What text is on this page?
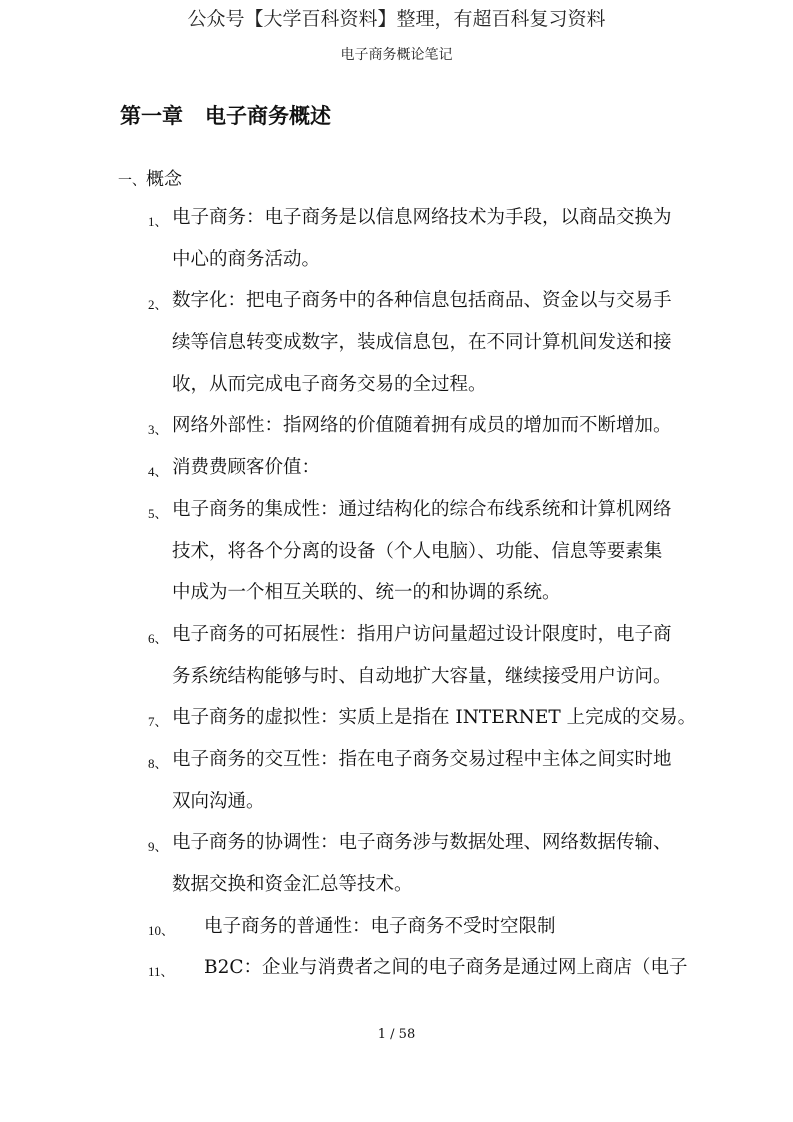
公众号【大学百科资料】整理，有超百科复习资料
电子商务概论笔记
第一章 电子商务概述
一、概念
1、 电子商务：电子商务是以信息网络技术为手段，以商品交换为
中心的商务活动。
2、 数字化：把电子商务中的各种信息包括商品、资金以与交易手
续等信息转变成数字，装成信息包，在不同计算机间发送和接
收，从而完成电子商务交易的全过程。
3、 网络外部性：指网络的价值随着拥有成员的增加而不断增加。
4、 消费费顾客价值：
5、 电子商务的集成性：通过结构化的综合布线系统和计算机网络
技术，将各个分离的设备（个人电脑）、功能、信息等要素集
中成为一个相互关联的、统一的和协调的系统。
6、 电子商务的可拓展性：指用户访问量超过设计限度时，电子商
务系统结构能够与时、自动地扩大容量，继续接受用户访问。
7、 电子商务的虚拟性：实质上是指在 INTERNET 上完成的交易。
8、 电子商务的交互性：指在电子商务交易过程中主体之间实时地
双向沟通。
9、 电子商务的协调性：电子商务涉与数据处理、网络数据传输、
数据交换和资金汇总等技术。
10、 电子商务的普通性：电子商务不受时空限制
11、 B2C：企业与消费者之间的电子商务是通过网上商店（电子
1 / 58
